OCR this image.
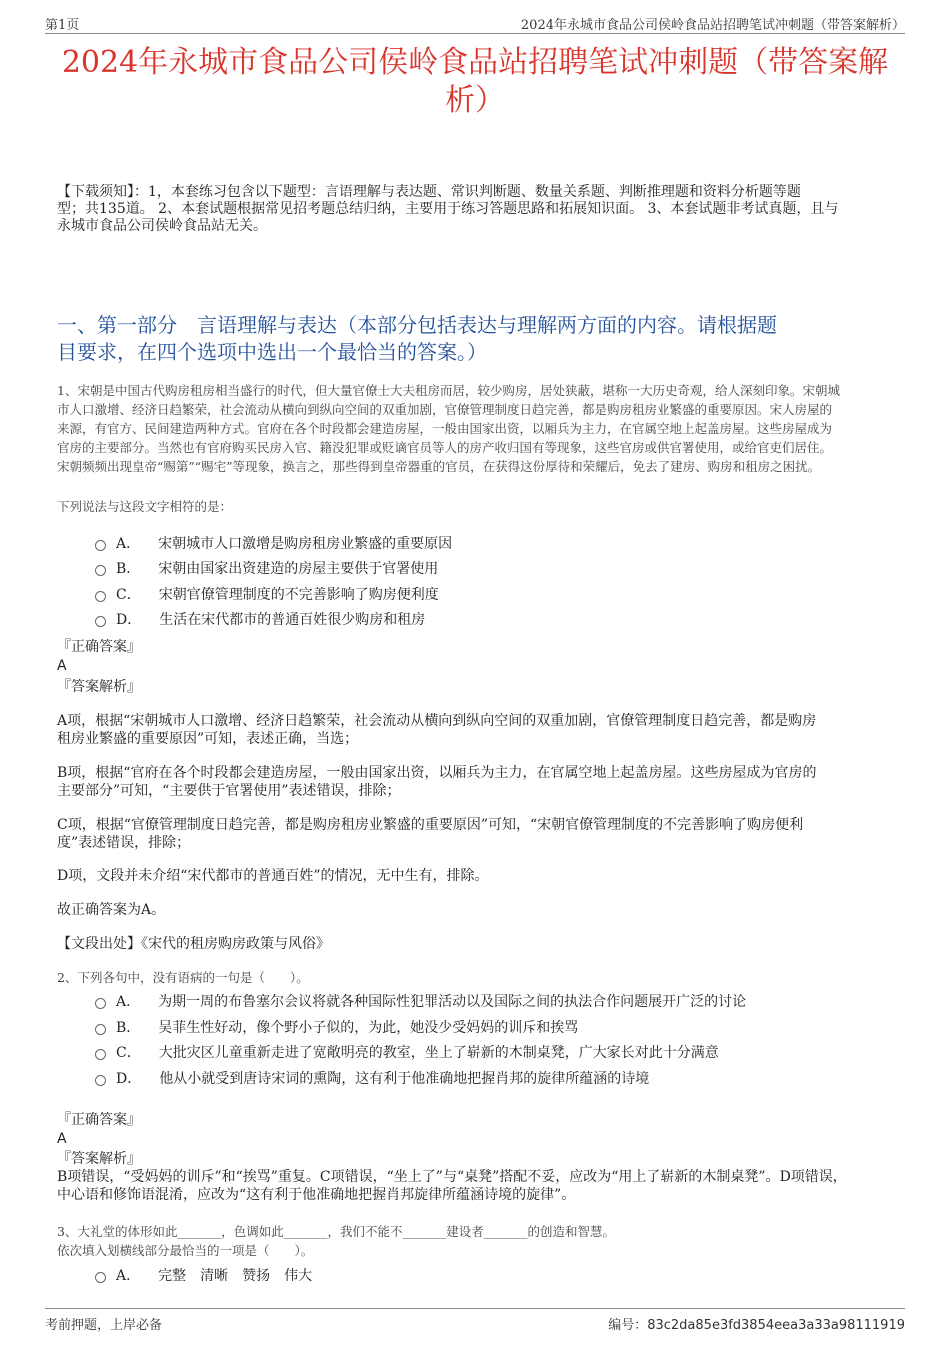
第1页	2024年永城市食品公司侯岭食品站招聘笔试冲刺题（带答案解析）
2024年永城市食品公司侯岭食品站招聘笔试冲刺题（带答案解
析）
【下载须知】：1，本套练习包含以下题型：言语理解与表达题、常识判断题、数量关系题、判断推理题和资料分析题等题
型；共135道。 2、本套试题根据常见招考题总结归纳，主要用于练习答题思路和拓展知识面。 3、本套试题非考试真题，且与
永城市食品公司侯岭食品站无关。
一、第一部分　言语理解与表达（本部分包括表达与理解两方面的内容。请根据题
目要求，在四个选项中选出一个最恰当的答案。）
1、宋朝是中国古代购房租房相当盛行的时代，但大量官僚士大夫租房而居，较少购房，居处狭蔽，堪称一大历史奇观，给人深刻印象。宋朝城
市人口激增、经济日趋繁荣，社会流动从横向到纵向空间的双重加剧，官僚管理制度日趋完善，都是购房租房业繁盛的重要原因。宋人房屋的
来源，有官方、民间建造两种方式。官府在各个时段都会建造房屋，一般由国家出资，以厢兵为主力，在官属空地上起盖房屋。这些房屋成为
官房的主要部分。当然也有官府购买民房入官、籍没犯罪或贬谪官员等人的房产收归国有等现象，这些官房或供官署使用，或给官吏们居住。
宋朝频频出现皇帝“赐第”“赐宅”等现象，换言之，那些得到皇帝器重的官员，在获得这份厚待和荣耀后，免去了建房、购房和租房之困扰。
下列说法与这段文字相符的是：
A． 宋朝城市人口激增是购房租房业繁盛的重要原因
B． 宋朝由国家出资建造的房屋主要供于官署使用
C． 宋朝官僚管理制度的不完善影响了购房便利度
D． 生活在宋代都市的普通百姓很少购房和租房
『正确答案』
A
『答案解析』
A项，根据“宋朝城市人口激增、经济日趋繁荣，社会流动从横向到纵向空间的双重加剧，官僚管理制度日趋完善，都是购房
租房业繁盛的重要原因”可知，表述正确，当选；
B项，根据“官府在各个时段都会建造房屋，一般由国家出资，以厢兵为主力，在官属空地上起盖房屋。这些房屋成为官房的
主要部分”可知，“主要供于官署使用”表述错误，排除；
C项，根据“官僚管理制度日趋完善，都是购房租房业繁盛的重要原因”可知，“宋朝官僚管理制度的不完善影响了购房便利
度”表述错误，排除；
D项，文段并未介绍“宋代都市的普通百姓”的情况，无中生有，排除。
故正确答案为A。
【文段出处】《宋代的租房购房政策与风俗》
2、下列各句中，没有语病的一句是（　　）。
A． 为期一周的布鲁塞尔会议将就各种国际性犯罪活动以及国际之间的执法合作问题展开广泛的讨论
B． 吴菲生性好动，像个野小子似的，为此，她没少受妈妈的训斥和挨骂
C． 大批灾区儿童重新走进了宽敞明亮的教室，坐上了崭新的木制桌凳，广大家长对此十分满意
D． 他从小就受到唐诗宋词的熏陶，这有利于他准确地把握肖邦的旋律所蕴涵的诗境
『正确答案』
A
『答案解析』
B项错误，“受妈妈的训斥”和“挨骂”重复。C项错误，“坐上了”与“桌凳”搭配不妥，应改为“用上了崭新的木制桌凳”。D项错误，
中心语和修饰语混淆，应改为“这有利于他准确地把握肖邦旋律所蕴涵诗境的旋律”。
3、大礼堂的体形如此_______，色调如此_______，我们不能不_______建设者_______的创造和智慧。
依次填入划横线部分最恰当的一项是（　　）。
A． 完整　清晰　赞扬　伟大
考前押题，上岸必备	编号：83c2da85e3fd3854eea3a33a98111919
